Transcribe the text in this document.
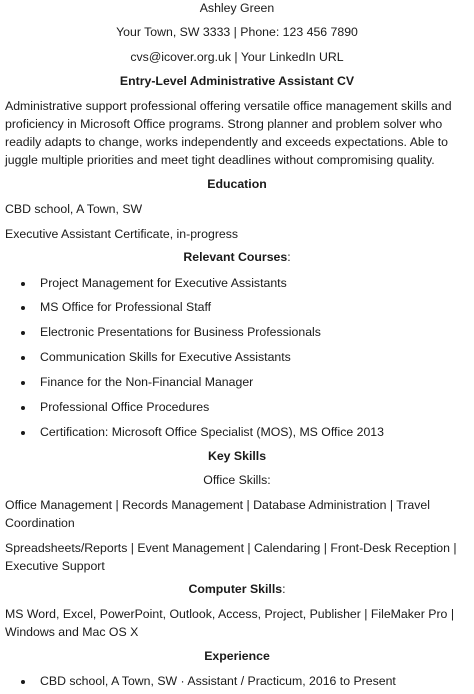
Ashley Green
Your Town, SW 3333 | Phone: 123 456 7890
cvs@icover.org.uk | Your LinkedIn URL
Entry-Level Administrative Assistant CV
Administrative support professional offering versatile office management skills and proficiency in Microsoft Office programs. Strong planner and problem solver who readily adapts to change, works independently and exceeds expectations. Able to juggle multiple priorities and meet tight deadlines without compromising quality.
Education
CBD school, A Town, SW
Executive Assistant Certificate, in-progress
Relevant Courses:
Project Management for Executive Assistants
MS Office for Professional Staff
Electronic Presentations for Business Professionals
Communication Skills for Executive Assistants
Finance for the Non-Financial Manager
Professional Office Procedures
Certification: Microsoft Office Specialist (MOS), MS Office 2013
Key Skills
Office Skills:
Office Management | Records Management | Database Administration | Travel Coordination
Spreadsheets/Reports | Event Management | Calendaring | Front-Desk Reception | Executive Support
Computer Skills:
MS Word, Excel, PowerPoint, Outlook, Access, Project, Publisher | FileMaker Pro | Windows and Mac OS X
Experience
CBD school, A Town, SW · Assistant / Practicum, 2016 to Present
